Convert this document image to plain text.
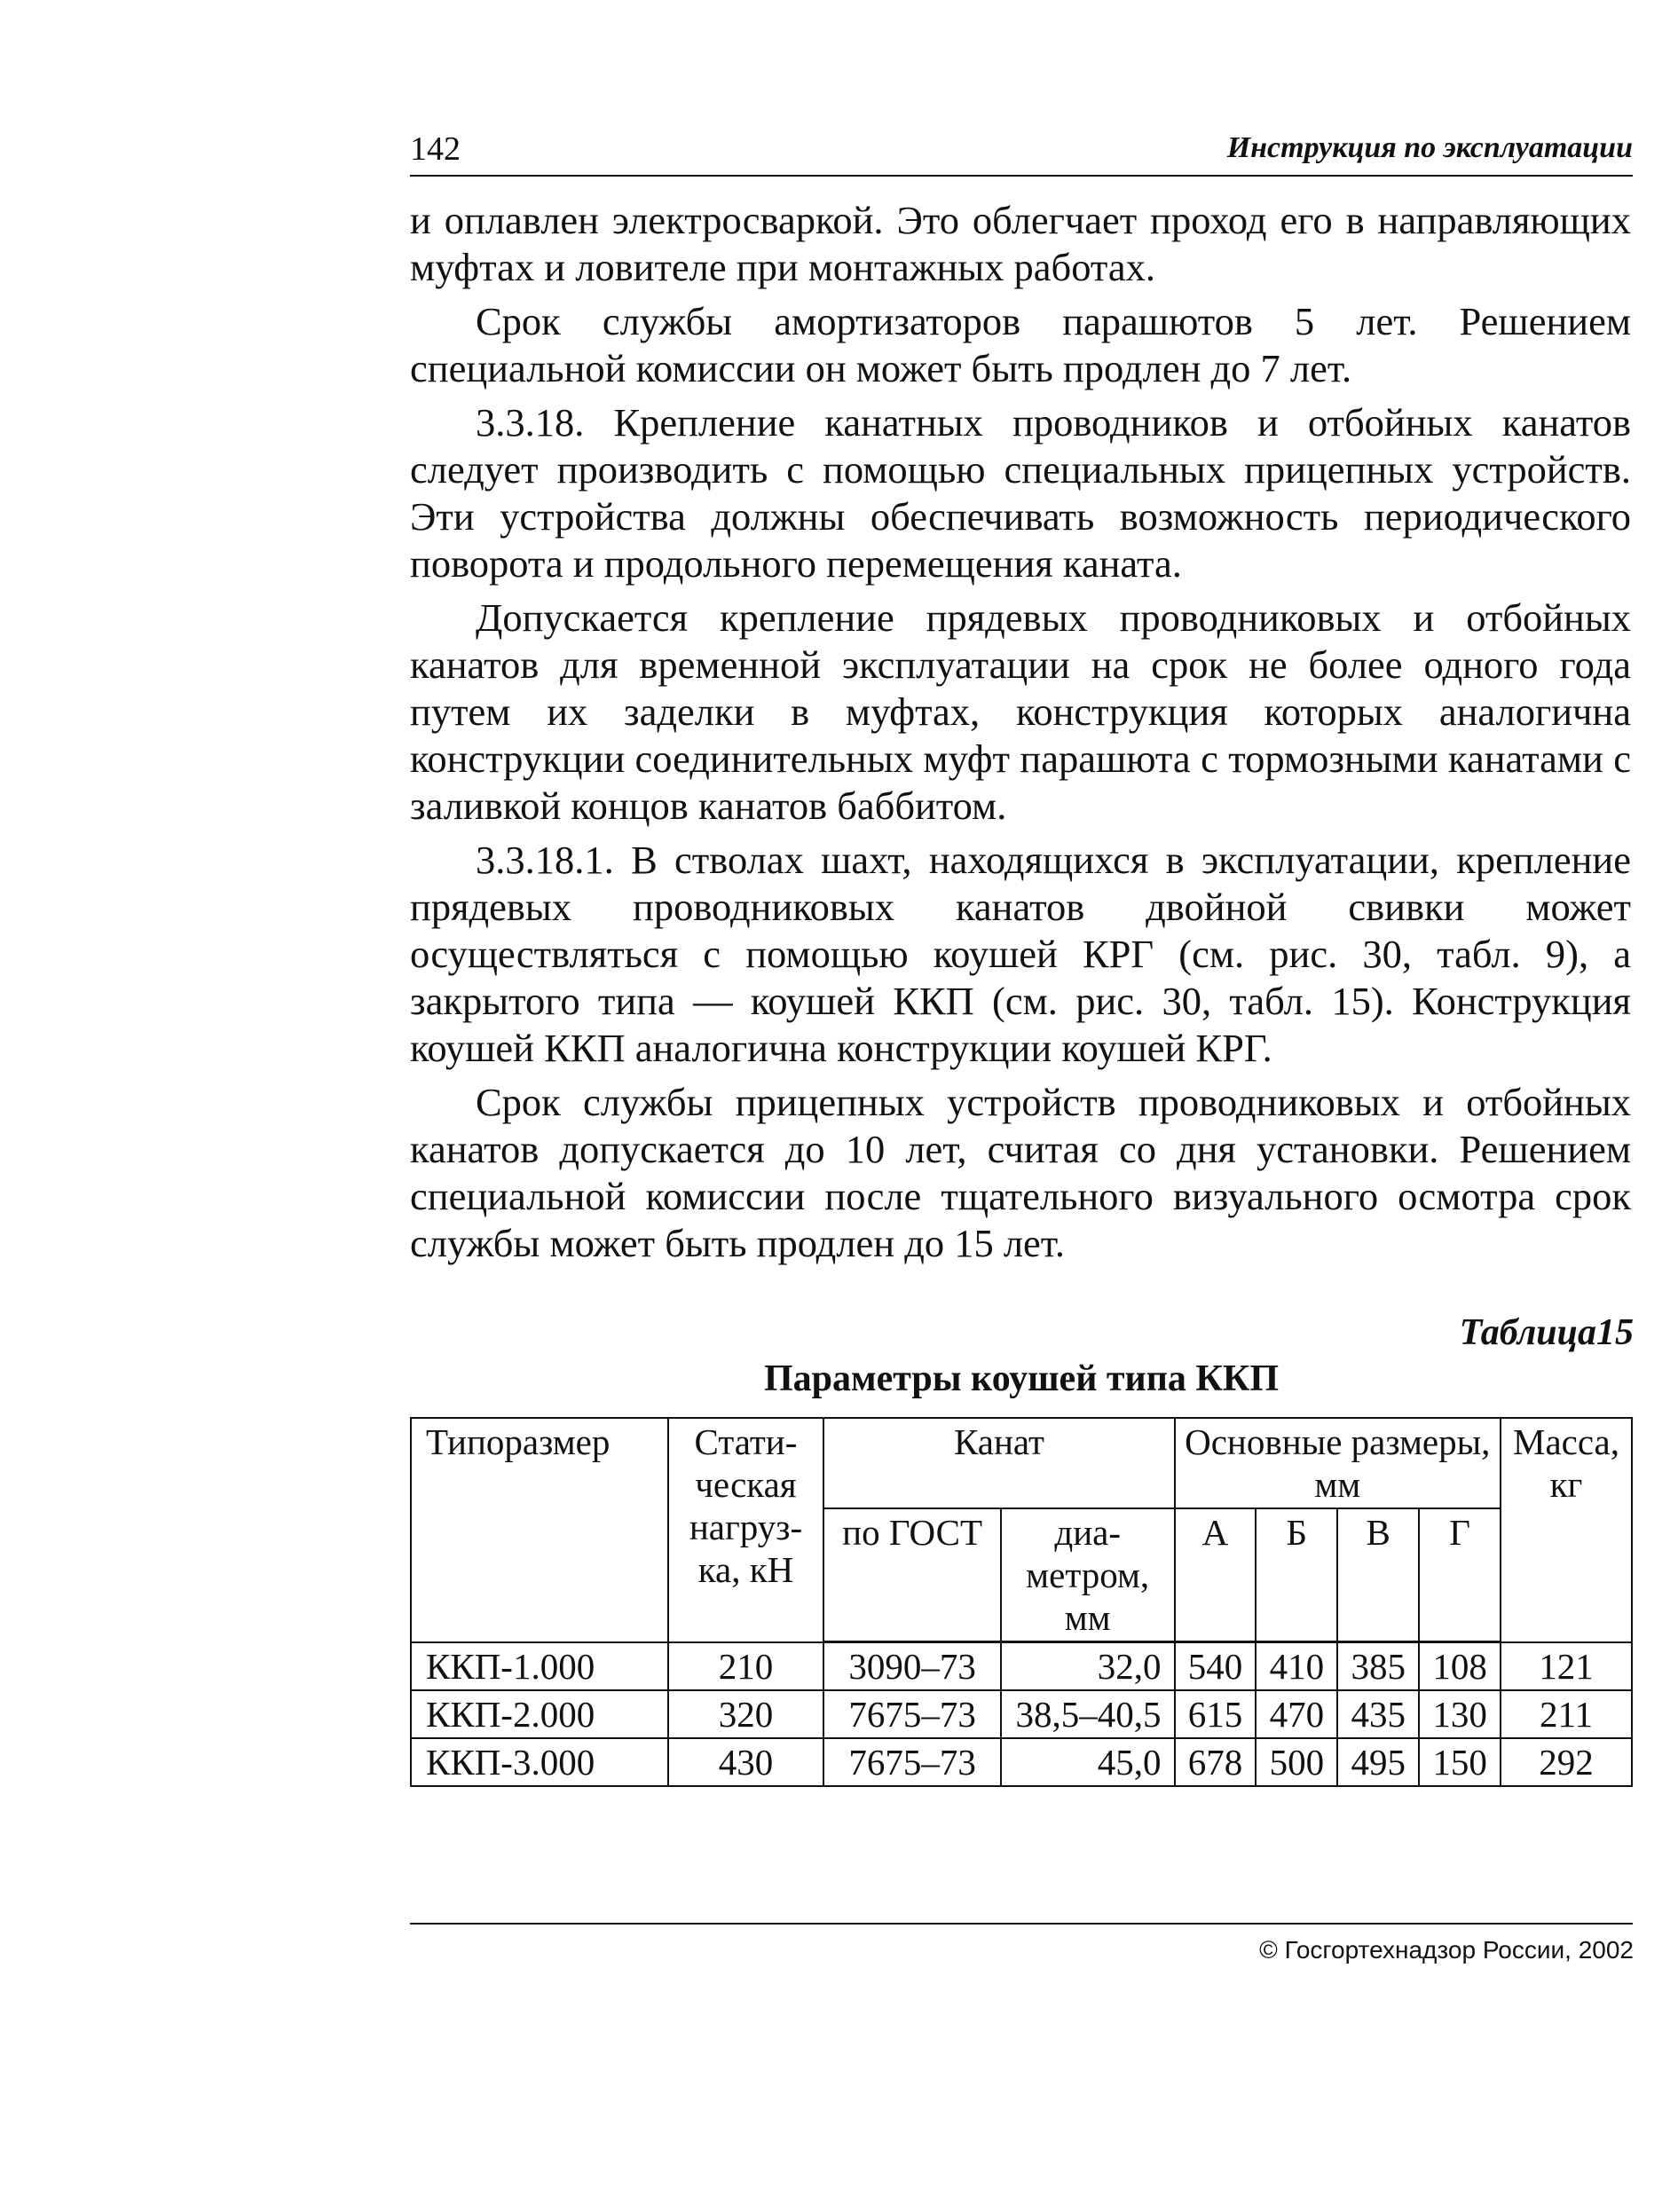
142	Инструкция по эксплуатации

и оплавлен электросваркой. Это облегчает проход его в направляющих муфтах и ловителе при монтажных работах.

Срок службы амортизаторов парашютов 5 лет. Решением специальной комиссии он может быть продлен до 7 лет.

3.3.18. Крепление канатных проводников и отбойных канатов следует производить с помощью специальных прицепных устройств. Эти устройства должны обеспечивать возможность периодического поворота и продольного перемещения каната.

Допускается крепление прядевых проводниковых и отбойных канатов для временной эксплуатации на срок не более одного года путем их заделки в муфтах, конструкция которых аналогична конструкции соединительных муфт парашюта с тормозными канатами с заливкой концов канатов баббитом.

3.3.18.1. В стволах шахт, находящихся в эксплуатации, крепление прядевых проводниковых канатов двойной свивки может осуществляться с помощью коушей КРГ (см. рис. 30, табл. 9), а закрытого типа — коушей ККП (см. рис. 30, табл. 15). Конструкция коушей ККП аналогична конструкции коушей КРГ.

Срок службы прицепных устройств проводниковых и отбойных канатов допускается до 10 лет, считая со дня установки. Решением специальной комиссии после тщательного визуального осмотра срок службы может быть продлен до 15 лет.

Таблица15
Параметры коушей типа ККП
Типоразмер	Стати-ческая нагруз-ка, кН	Канат		Основные размеры, мм				Масса, кг
		по ГОСТ	диа-метром, мм	А	Б	В	Г	
ККП-1.000	210	3090–73	32,0	540	410	385	108	121
ККП-2.000	320	7675–73	38,5–40,5	615	470	435	130	211
ККП-3.000	430	7675–73	45,0	678	500	495	150	292
© Госгортехнадзор России, 2002
